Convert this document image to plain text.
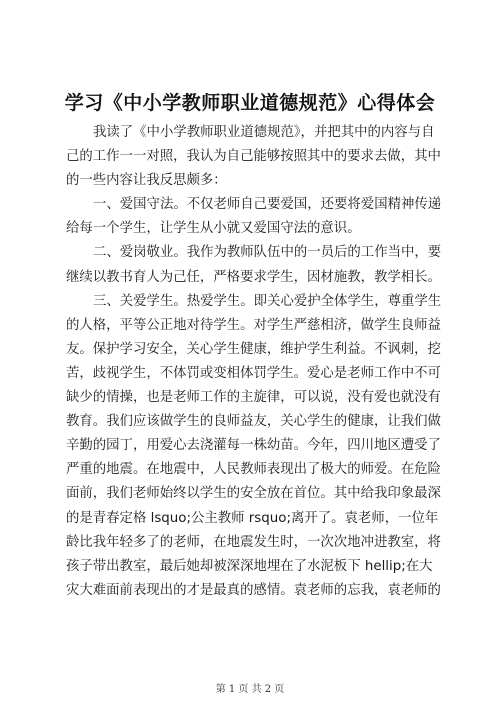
学习《中小学教师职业道德规范》心得体会
我读了《中小学教师职业道德规范》，并把其中的内容与自
己的工作一一对照，我认为自己能够按照其中的要求去做，其中
的一些内容让我反思颇多：
一、爱国守法。不仅老师自己要爱国，还要将爱国精神传递
给每一个学生，让学生从小就又爱国守法的意识。
二、爱岗敬业。我作为教师队伍中的一员后的工作当中，要
继续以教书育人为己任，严格要求学生，因材施教，教学相长。
三、关爱学生。热爱学生。即关心爱护全体学生，尊重学生
的人格，平等公正地对待学生。对学生严慈相济，做学生良师益
友。保护学习安全，关心学生健康，维护学生利益。不讽刺，挖
苦，歧视学生，不体罚或变相体罚学生。爱心是老师工作中不可
缺少的情操，也是老师工作的主旋律，可以说，没有爱也就没有
教育。我们应该做学生的良师益友，关心学生的健康，让我们做
辛勤的园丁，用爱心去浇灌每一株幼苗。今年，四川地区遭受了
严重的地震。在地震中，人民教师表现出了极大的师爱。在危险
面前，我们老师始终以学生的安全放在首位。其中给我印象最深
的是青春定格 lsquo;公主教师 rsquo;离开了。袁老师，一位年
龄比我年轻多了的老师，在地震发生时，一次次地冲进教室，将
孩子带出教室，最后她却被深深地埋在了水泥板下 hellip;在大
灾大难面前表现出的才是最真的感情。袁老师的忘我，袁老师的
第 1 页 共 2 页
